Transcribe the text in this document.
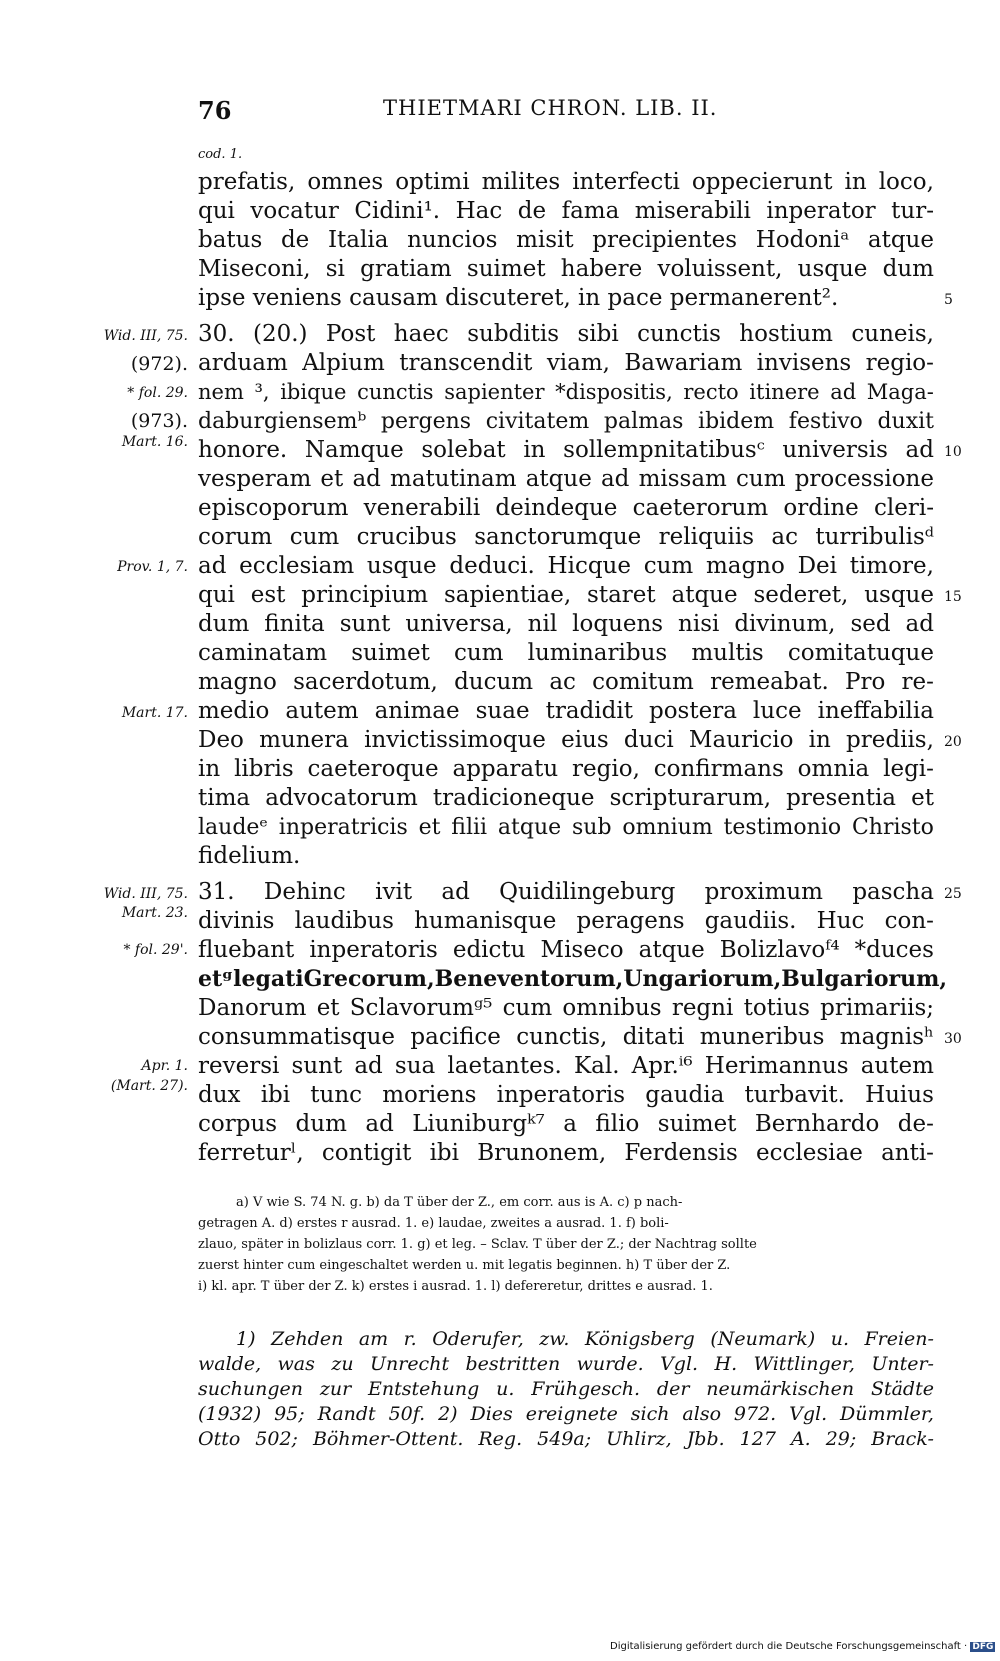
76	THIETMARI CHRON. LIB. II.
cod. 1.
prefatis, omnes optimi milites interfecti oppecierunt in loco,
qui vocatur Cidini¹. Hac de fama miserabili inperator tur-
batus de Italia nuncios misit precipientes Hodoniᵃ atque
Miseconi, si gratiam suimet habere voluissent, usque dum
ipse veniens causam discuteret, in pace permanerent².
30. (20.) Post haec subditis sibi cunctis hostium cuneis,
arduam Alpium transcendit viam, Bawariam invisens regio-
nem ³, ibique cunctis sapienter *dispositis, recto itinere ad Maga-
daburgiensemᵇ pergens civitatem palmas ibidem festivo duxit
honore. Namque solebat in sollempnitatibusᶜ universis ad
vesperam et ad matutinam atque ad missam cum processione
episcoporum venerabili deindeque caeterorum ordine cleri-
corum cum crucibus sanctorumque reliquiis ac turribulisᵈ
ad ecclesiam usque deduci. Hicque cum magno Dei timore,
qui est principium sapientiae, staret atque sederet, usque
dum finita sunt universa, nil loquens nisi divinum, sed ad
caminatam suimet cum luminaribus multis comitatuque
magno sacerdotum, ducum ac comitum remeabat. Pro re-
medio autem animae suae tradidit postera luce ineffabilia
Deo munera invictissimoque eius duci Mauricio in prediis,
in libris caeteroque apparatu regio, confirmans omnia legi-
tima advocatorum tradicioneque scripturarum, presentia et
laudeᵉ inperatricis et filii atque sub omnium testimonio Christo
fidelium.
31. Dehinc ivit ad Quidilingeburg proximum pascha
divinis laudibus humanisque peragens gaudiis. Huc con-
fluebant inperatoris edictu Miseco atque Bolizlavoᶠ⁴ *duces
etᵍ legati Grecorum, Beneventorum, Ungariorum, Bulgariorum,
Danorum et Sclavorumᵍ⁵ cum omnibus regni totius primariis;
consummatisque pacifice cunctis, ditati muneribus magnisʰ
reversi sunt ad sua laetantes. Kal. Apr.ⁱ⁶ Herimannus autem
dux ibi tunc moriens inperatoris gaudia turbavit. Huius
corpus dum ad Liuniburgᵏ⁷ a filio suimet Bernhardo de-
ferreturˡ, contigit ibi Brunonem, Ferdensis ecclesiae anti-
Wid. III, 75.
(972).
* fol. 29.
(973).
Mart. 16.
Prov. 1, 7.
Mart. 17.
Wid. III, 75.
Mart. 23.
* fol. 29'.
Apr. 1.
(Mart. 27).
5
10
15
20
25
30
a) V wie S. 74 N. g. b) da T über der Z., em corr. aus is A. c) p nach-
getragen A. d) erstes r ausrad. 1. e) laudae, zweites a ausrad. 1. f) boli-
zlauo, später in bolizlaus corr. 1. g) et leg. – Sclav. T über der Z.; der Nachtrag sollte
zuerst hinter cum eingeschaltet werden u. mit legatis beginnen. h) T über der Z.
i) kl. apr. T über der Z. k) erstes i ausrad. 1. l) defereretur, drittes e ausrad. 1.
1) Zehden am r. Oderufer, zw. Königsberg (Neumark) u. Freien-
walde, was zu Unrecht bestritten wurde. Vgl. H. Wittlinger, Unter-
suchungen zur Entstehung u. Frühgesch. der neumärkischen Städte
(1932) 95; Randt 50f. 2) Dies ereignete sich also 972. Vgl. Dümmler,
Otto 502; Böhmer-Ottent. Reg. 549a; Uhlirz, Jbb. 127 A. 29; Brack-
Digitalisierung gefördert durch die Deutsche Forschungsgemeinschaft · DFG
